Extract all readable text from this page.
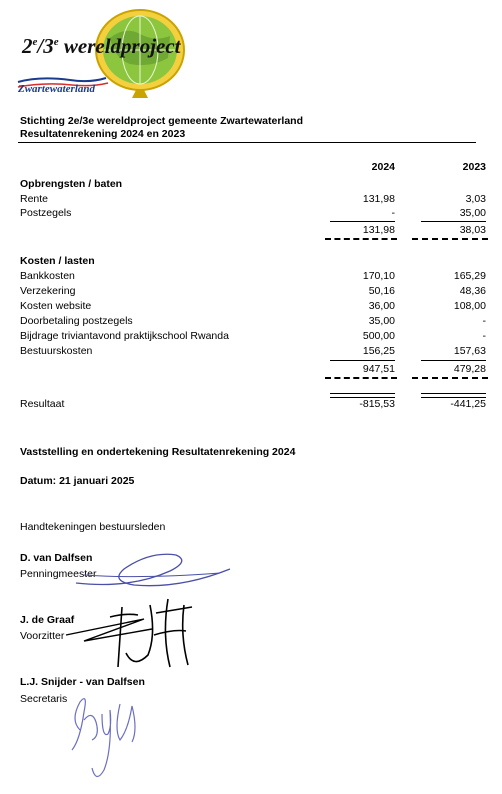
2e/3e wereldproject
Zwartewaterland
Stichting 2e/3e wereldproject gemeente Zwartewaterland
Resultatenrekening 2024 en 2023
2024	2023
Opbrengsten / baten
Rente	131,98	3,03
Postzegels	-	35,00
131,98	38,03
Kosten / lasten
Bankkosten	170,10	165,29
Verzekering	50,16	48,36
Kosten website	36,00	108,00
Doorbetaling postzegels	35,00	-
Bijdrage triviantavond praktijkschool Rwanda	500,00	-
Bestuurskosten	156,25	157,63
947,51	479,28
Resultaat	-815,53	-441,25
Vaststelling en ondertekening Resultatenrekening 2024
Datum: 21 januari 2025
Handtekeningen bestuursleden
D. van Dalfsen
Penningmeester
J. de Graaf
Voorzitter
L.J. Snijder - van Dalfsen
Secretaris
